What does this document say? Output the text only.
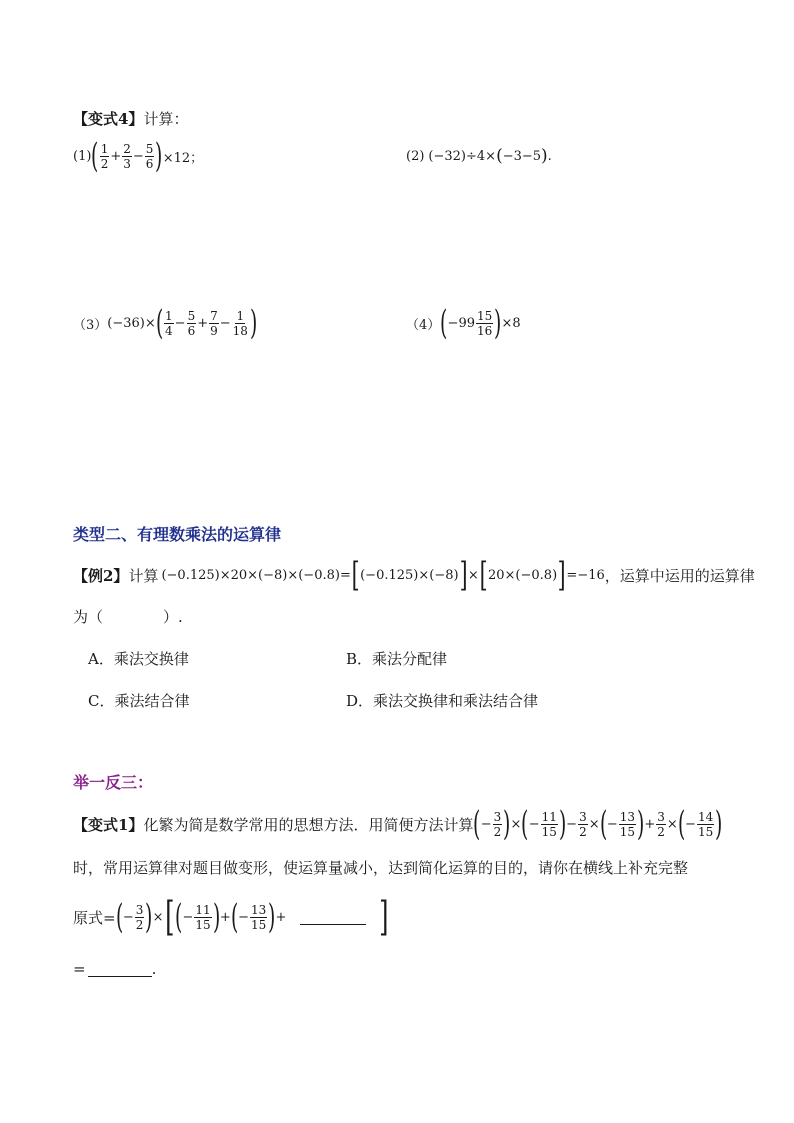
【变式4】 计算：
(1) ( $\frac{1}{2} + \frac{2}{3} - \frac{5}{6}$ ) ×12；	(2) (−32)÷4× ( −3−5 ) .
（3） (−36)× ( $\frac{1}{4} - \frac{5}{6} + \frac{7}{9} - \frac{1}{18}$ )	（4） ( $-99 \frac{15}{16}$ ) ×8
类型二、有理数乘法的运算律
【例2】 计算 (−0.125)×20×(−8)×(−0.8)= [ (−0.125)×(−8) ] × [ 20×(−0.8) ] =−16 ，运算中运用的运算律
为（　　　　）.
A． 乘法交换律	B． 乘法分配律
C． 乘法结合律	D． 乘法交换律和乘法结合律
举一反三：
【变式1】 化繁为简是数学常用的思想方法．用简便方法计算 ( − $\frac{3}{2}$ ) × ( − $\frac{11}{15}$ ) − $\frac{3}{2}$ × ( − $\frac{13}{15}$ ) + $\frac{3}{2}$ × ( − $\frac{14}{15}$ )
时，常用运算律对题目做变形，使运算量减小，达到简化运算的目的，请你在横线上补充完整
原式= ( − $\frac{3}{2}$ ) × [ ( − $\frac{11}{15}$ ) + ( − $\frac{13}{15}$ ) + ]
=	.
